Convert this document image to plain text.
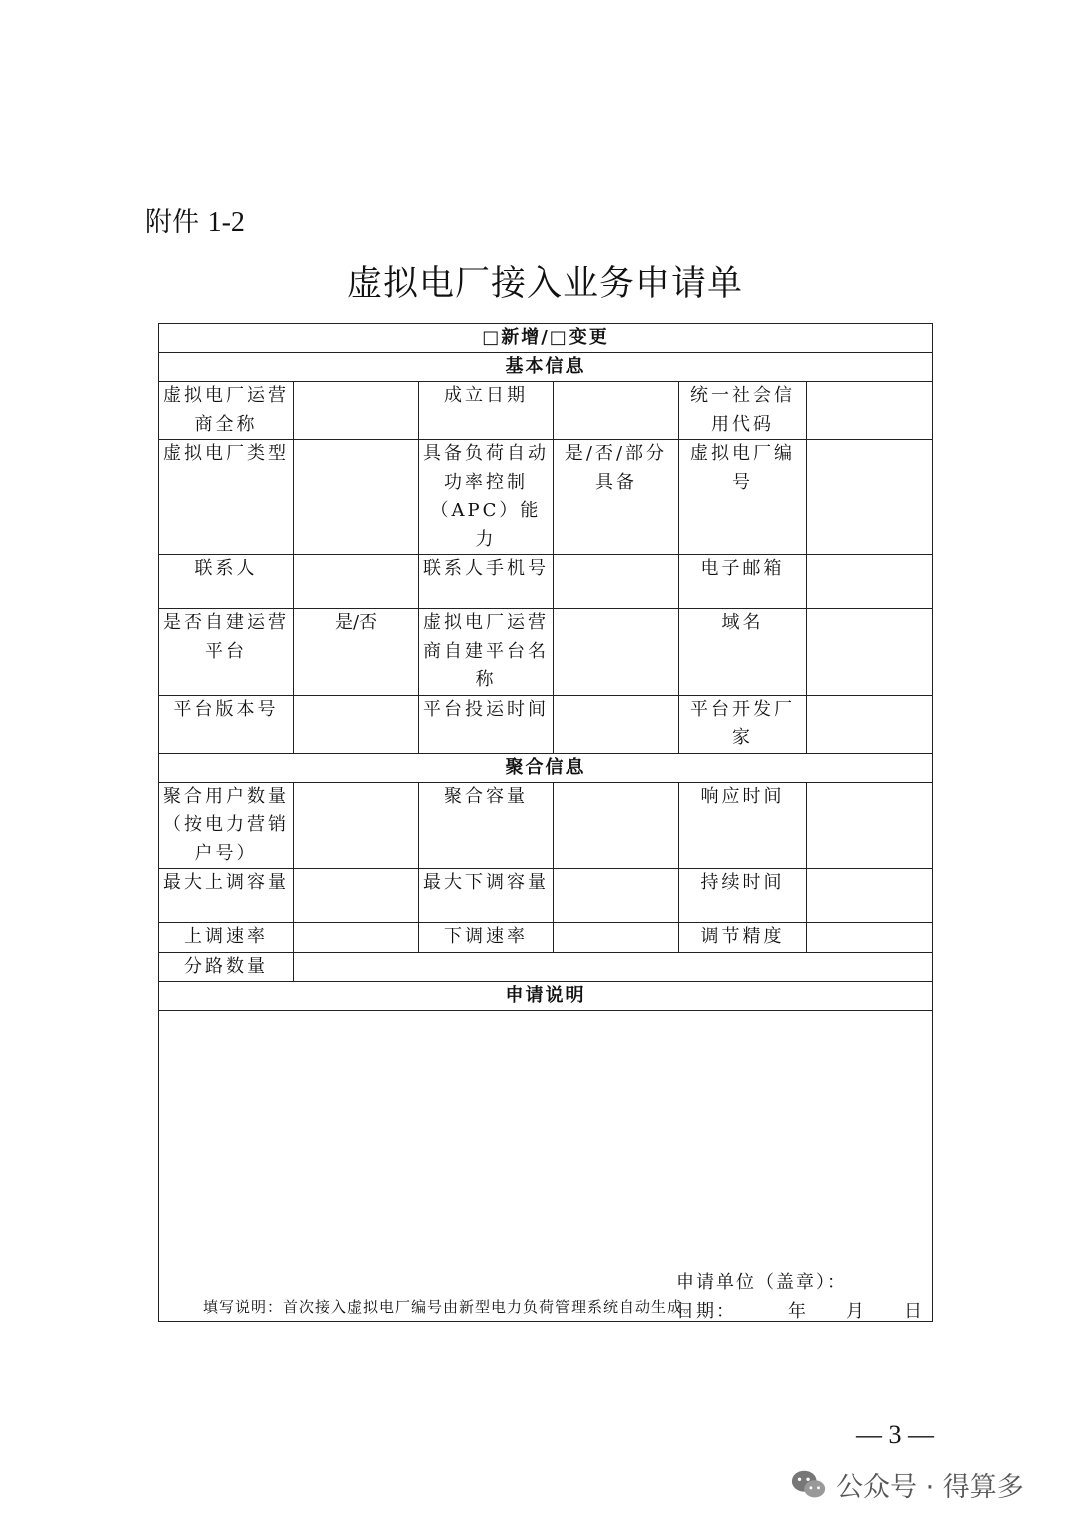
附件 1-2
虚拟电厂接入业务申请单
□新增/□变更					
基本信息					
虚拟电厂运营商全称		成立日期		统一社会信用代码	
虚拟电厂类型		具备负荷自动功率控制（APC）能力	是/否/部分具备	虚拟电厂编号	
联系人		联系人手机号		电子邮箱	
是否自建运营平台	是/否	虚拟电厂运营商自建平台名称		域名	
平台版本号		平台投运时间		平台开发厂家	
聚合信息					
聚合用户数量（按电力营销户号）		聚合容量		响应时间	
最大上调容量		最大下调容量		持续时间	
上调速率		下调速率		调节精度	
分路数量					
申请说明					

申请单位（盖章）：
日期： 年 月 日					
填写说明：首次接入虚拟电厂编号由新型电力负荷管理系统自动生成。
— 3 —
公众号 · 得算多
